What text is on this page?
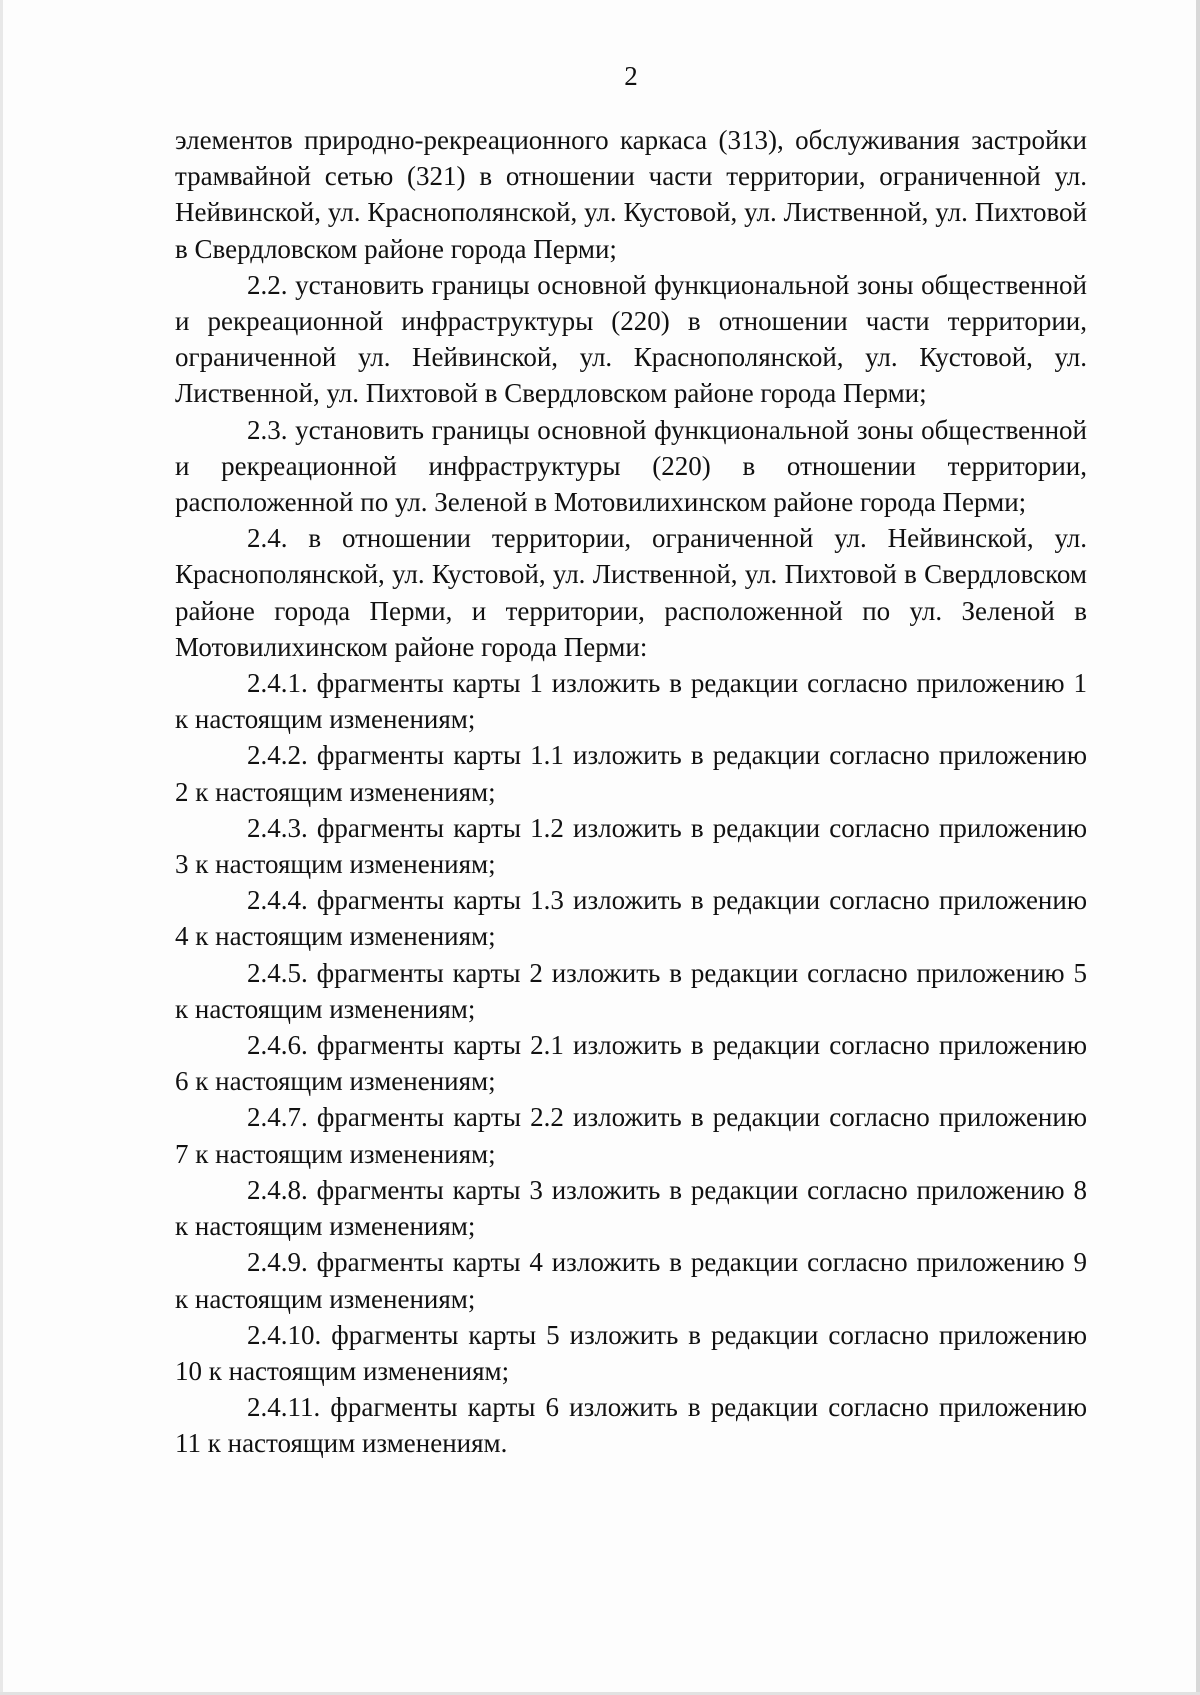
2

элементов природно-рекреационного каркаса (313), обслуживания застройки трамвайной сетью (321) в отношении части территории, ограниченной ул. Нейвинской, ул. Краснополянской, ул. Кустовой, ул. Лиственной, ул. Пихтовой в Свердловском районе города Перми;

2.2. установить границы основной функциональной зоны общественной и рекреационной инфраструктуры (220) в отношении части территории, ограниченной ул. Нейвинской, ул. Краснополянской, ул. Кустовой, ул. Лиственной, ул. Пихтовой в Свердловском районе города Перми;

2.3. установить границы основной функциональной зоны общественной и рекреационной инфраструктуры (220) в отношении территории, расположенной по ул. Зеленой в Мотовилихинском районе города Перми;

2.4. в отношении территории, ограниченной ул. Нейвинской, ул. Краснополянской, ул. Кустовой, ул. Лиственной, ул. Пихтовой в Свердловском районе города Перми, и территории, расположенной по ул. Зеленой в Мотовилихинском районе города Перми:

2.4.1. фрагменты карты 1 изложить в редакции согласно приложению 1 к настоящим изменениям;

2.4.2. фрагменты карты 1.1 изложить в редакции согласно приложению 2 к настоящим изменениям;

2.4.3. фрагменты карты 1.2 изложить в редакции согласно приложению 3 к настоящим изменениям;

2.4.4. фрагменты карты 1.3 изложить в редакции согласно приложению 4 к настоящим изменениям;

2.4.5. фрагменты карты 2 изложить в редакции согласно приложению 5 к настоящим изменениям;

2.4.6. фрагменты карты 2.1 изложить в редакции согласно приложению 6 к настоящим изменениям;

2.4.7. фрагменты карты 2.2 изложить в редакции согласно приложению 7 к настоящим изменениям;

2.4.8. фрагменты карты 3 изложить в редакции согласно приложению 8 к настоящим изменениям;

2.4.9. фрагменты карты 4 изложить в редакции согласно приложению 9 к настоящим изменениям;

2.4.10. фрагменты карты 5 изложить в редакции согласно приложению 10 к настоящим изменениям;

2.4.11. фрагменты карты 6 изложить в редакции согласно приложению 11 к настоящим изменениям.
